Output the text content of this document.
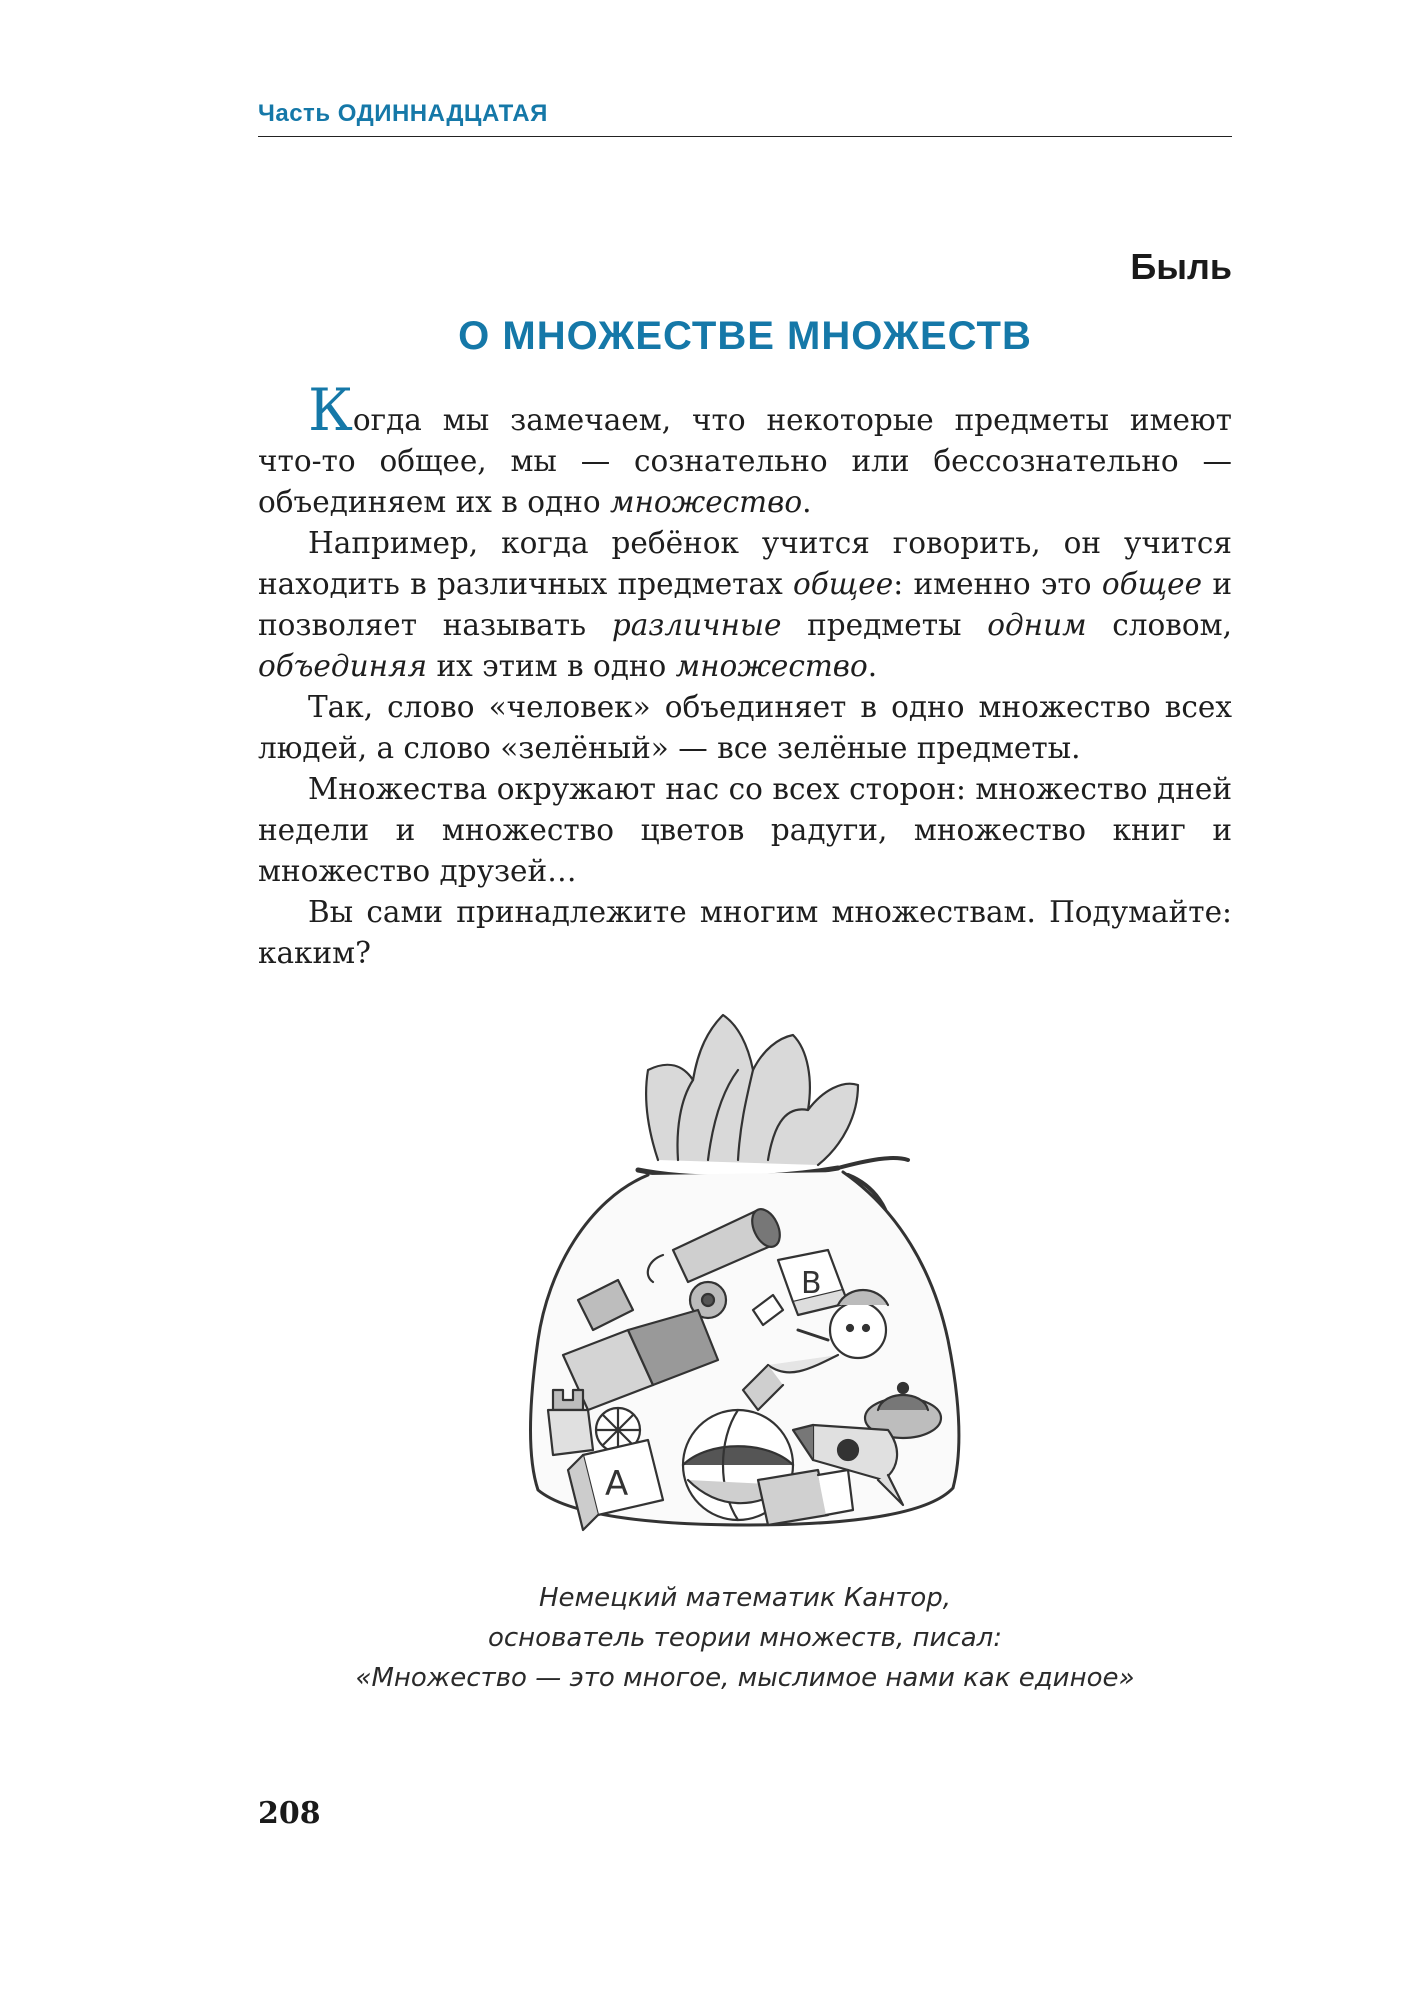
Часть ОДИННАДЦАТАЯ
Быль
О МНОЖЕСТВЕ МНОЖЕСТВ

Когда мы замечаем, что некоторые предметы имеют что-то общее, мы — сознательно или бессознательно — объединяем их в одно множество.

Например, когда ребёнок учится говорить, он учится находить в различных предметах общее: именно это общее и позволяет называть различные предметы одним словом, объединяя их этим в одно множество.

Так, слово «человек» объединяет в одно множество всех людей, а слово «зелёный» — все зелёные предметы.

Множества окружают нас со всех сторон: множество дней недели и множество цветов радуги, множество книг и множество друзей…

Вы сами принадлежите многим множествам. Подумайте: каким?

B
A
Немецкий математик Кантор,
основатель теории множеств, писал:
«Множество — это многое, мыслимое нами как единое»
208
